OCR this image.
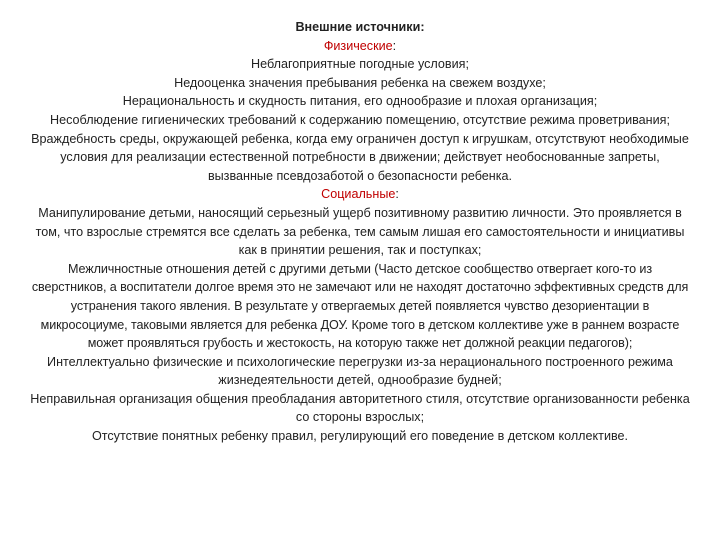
Внешние источники:
Физические:
Неблагоприятные погодные условия;
Недооценка значения пребывания ребенка на свежем воздухе;
Нерациональность и скудность питания, его однообразие и плохая организация;
Несоблюдение гигиенических требований к содержанию помещению, отсутствие режима проветривания;
Враждебность среды, окружающей ребенка, когда ему ограничен доступ к игрушкам, отсутствуют необходимые условия для реализации естественной потребности в движении; действует необоснованные запреты, вызванные псевдозаботой о безопасности ребенка.
Социальные:
Манипулирование детьми, наносящий серьезный ущерб позитивному развитию личности. Это проявляется в том, что взрослые стремятся все сделать за ребенка, тем самым лишая его самостоятельности и инициативы как в принятии решения, так и поступках;
Межличностные отношения детей с другими детьми (Часто детское сообщество отвергает кого-то из сверстников, а воспитатели долгое время это не замечают или не находят достаточно эффективных средств для устранения такого явления. В результате у отвергаемых детей появляется чувство дезориентации в микросоциуме, таковыми является для ребенка ДОУ. Кроме того в детском коллективе уже в раннем возрасте может проявляться грубость и жестокость, на которую также нет должной реакции педагогов);
Интеллектуально физические и психологические перегрузки из-за нерационального построенного режима жизнедеятельности детей, однообразие будней;
Неправильная организация общения преобладания авторитетного стиля, отсутствие организованности ребенка со стороны взрослых;
Отсутствие понятных ребенку правил, регулирующий его поведение в детском коллективе.
